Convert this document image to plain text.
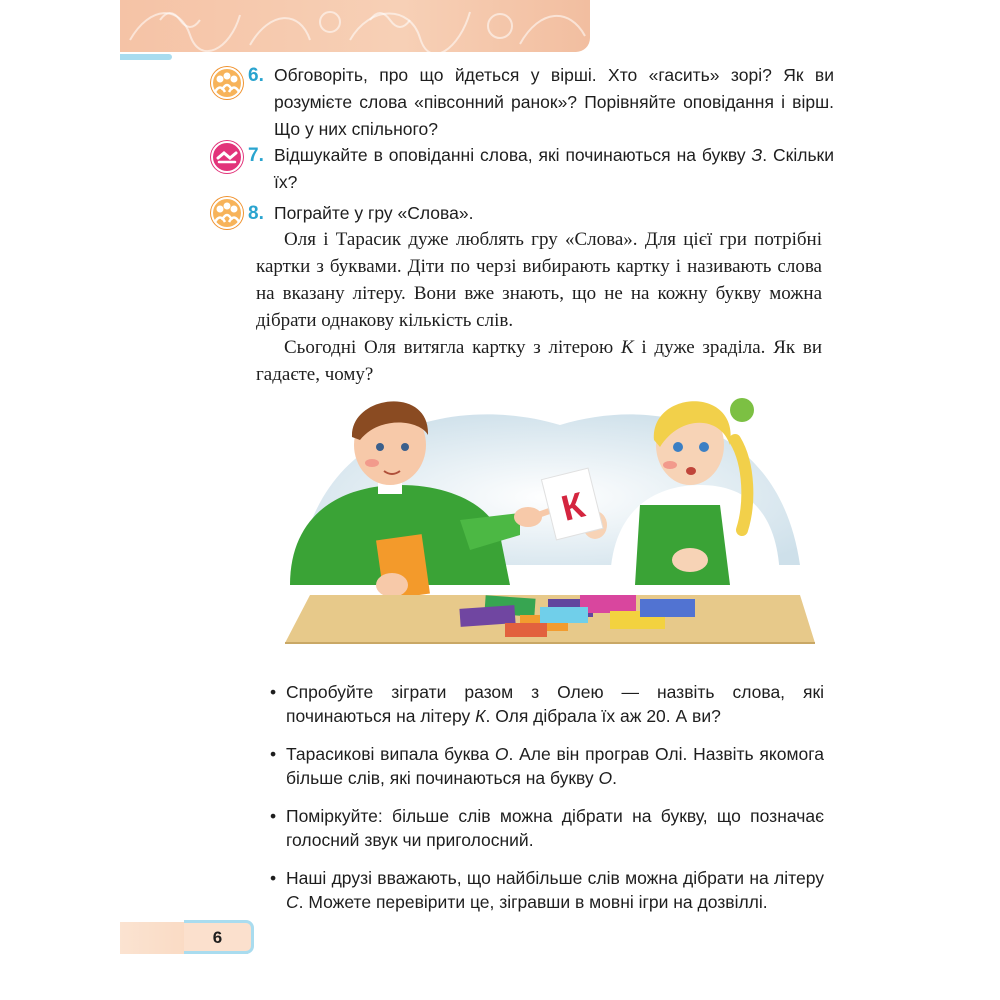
6. Обговоріть, про що йдеться у вірші. Хто «гасить» зорі? Як ви розумієте слова «півсонний ранок»? Порівняйте оповідання і вірш. Що у них спільного?
7. Відшукайте в оповіданні слова, які починаються на букву З. Скільки їх?
8. Пограйте у гру «Слова».

Оля і Тарасик дуже люблять гру «Слова». Для цієї гри потрібні картки з буквами. Діти по черзі вибирають картку і називають слова на вказану літеру. Вони вже знають, що не на кожну букву можна дібрати однакову кількість слів.

Сьогодні Оля витягла картку з літерою К і дуже зраділа. Як ви гадаєте, чому?

К
• Спробуйте зіграти разом з Олею — назвіть слова, які починаються на літеру К. Оля дібрала їх аж 20. А ви?
• Тарасикові випала буква О. Але він програв Олі. Назвіть якомога більше слів, які починаються на букву О.
• Поміркуйте: більше слів можна дібрати на букву, що позначає голосний звук чи приголосний.
• Наші друзі вважають, що найбільше слів можна дібрати на літеру С. Можете перевірити це, зігравши в мовні ігри на дозвіллі.
6
